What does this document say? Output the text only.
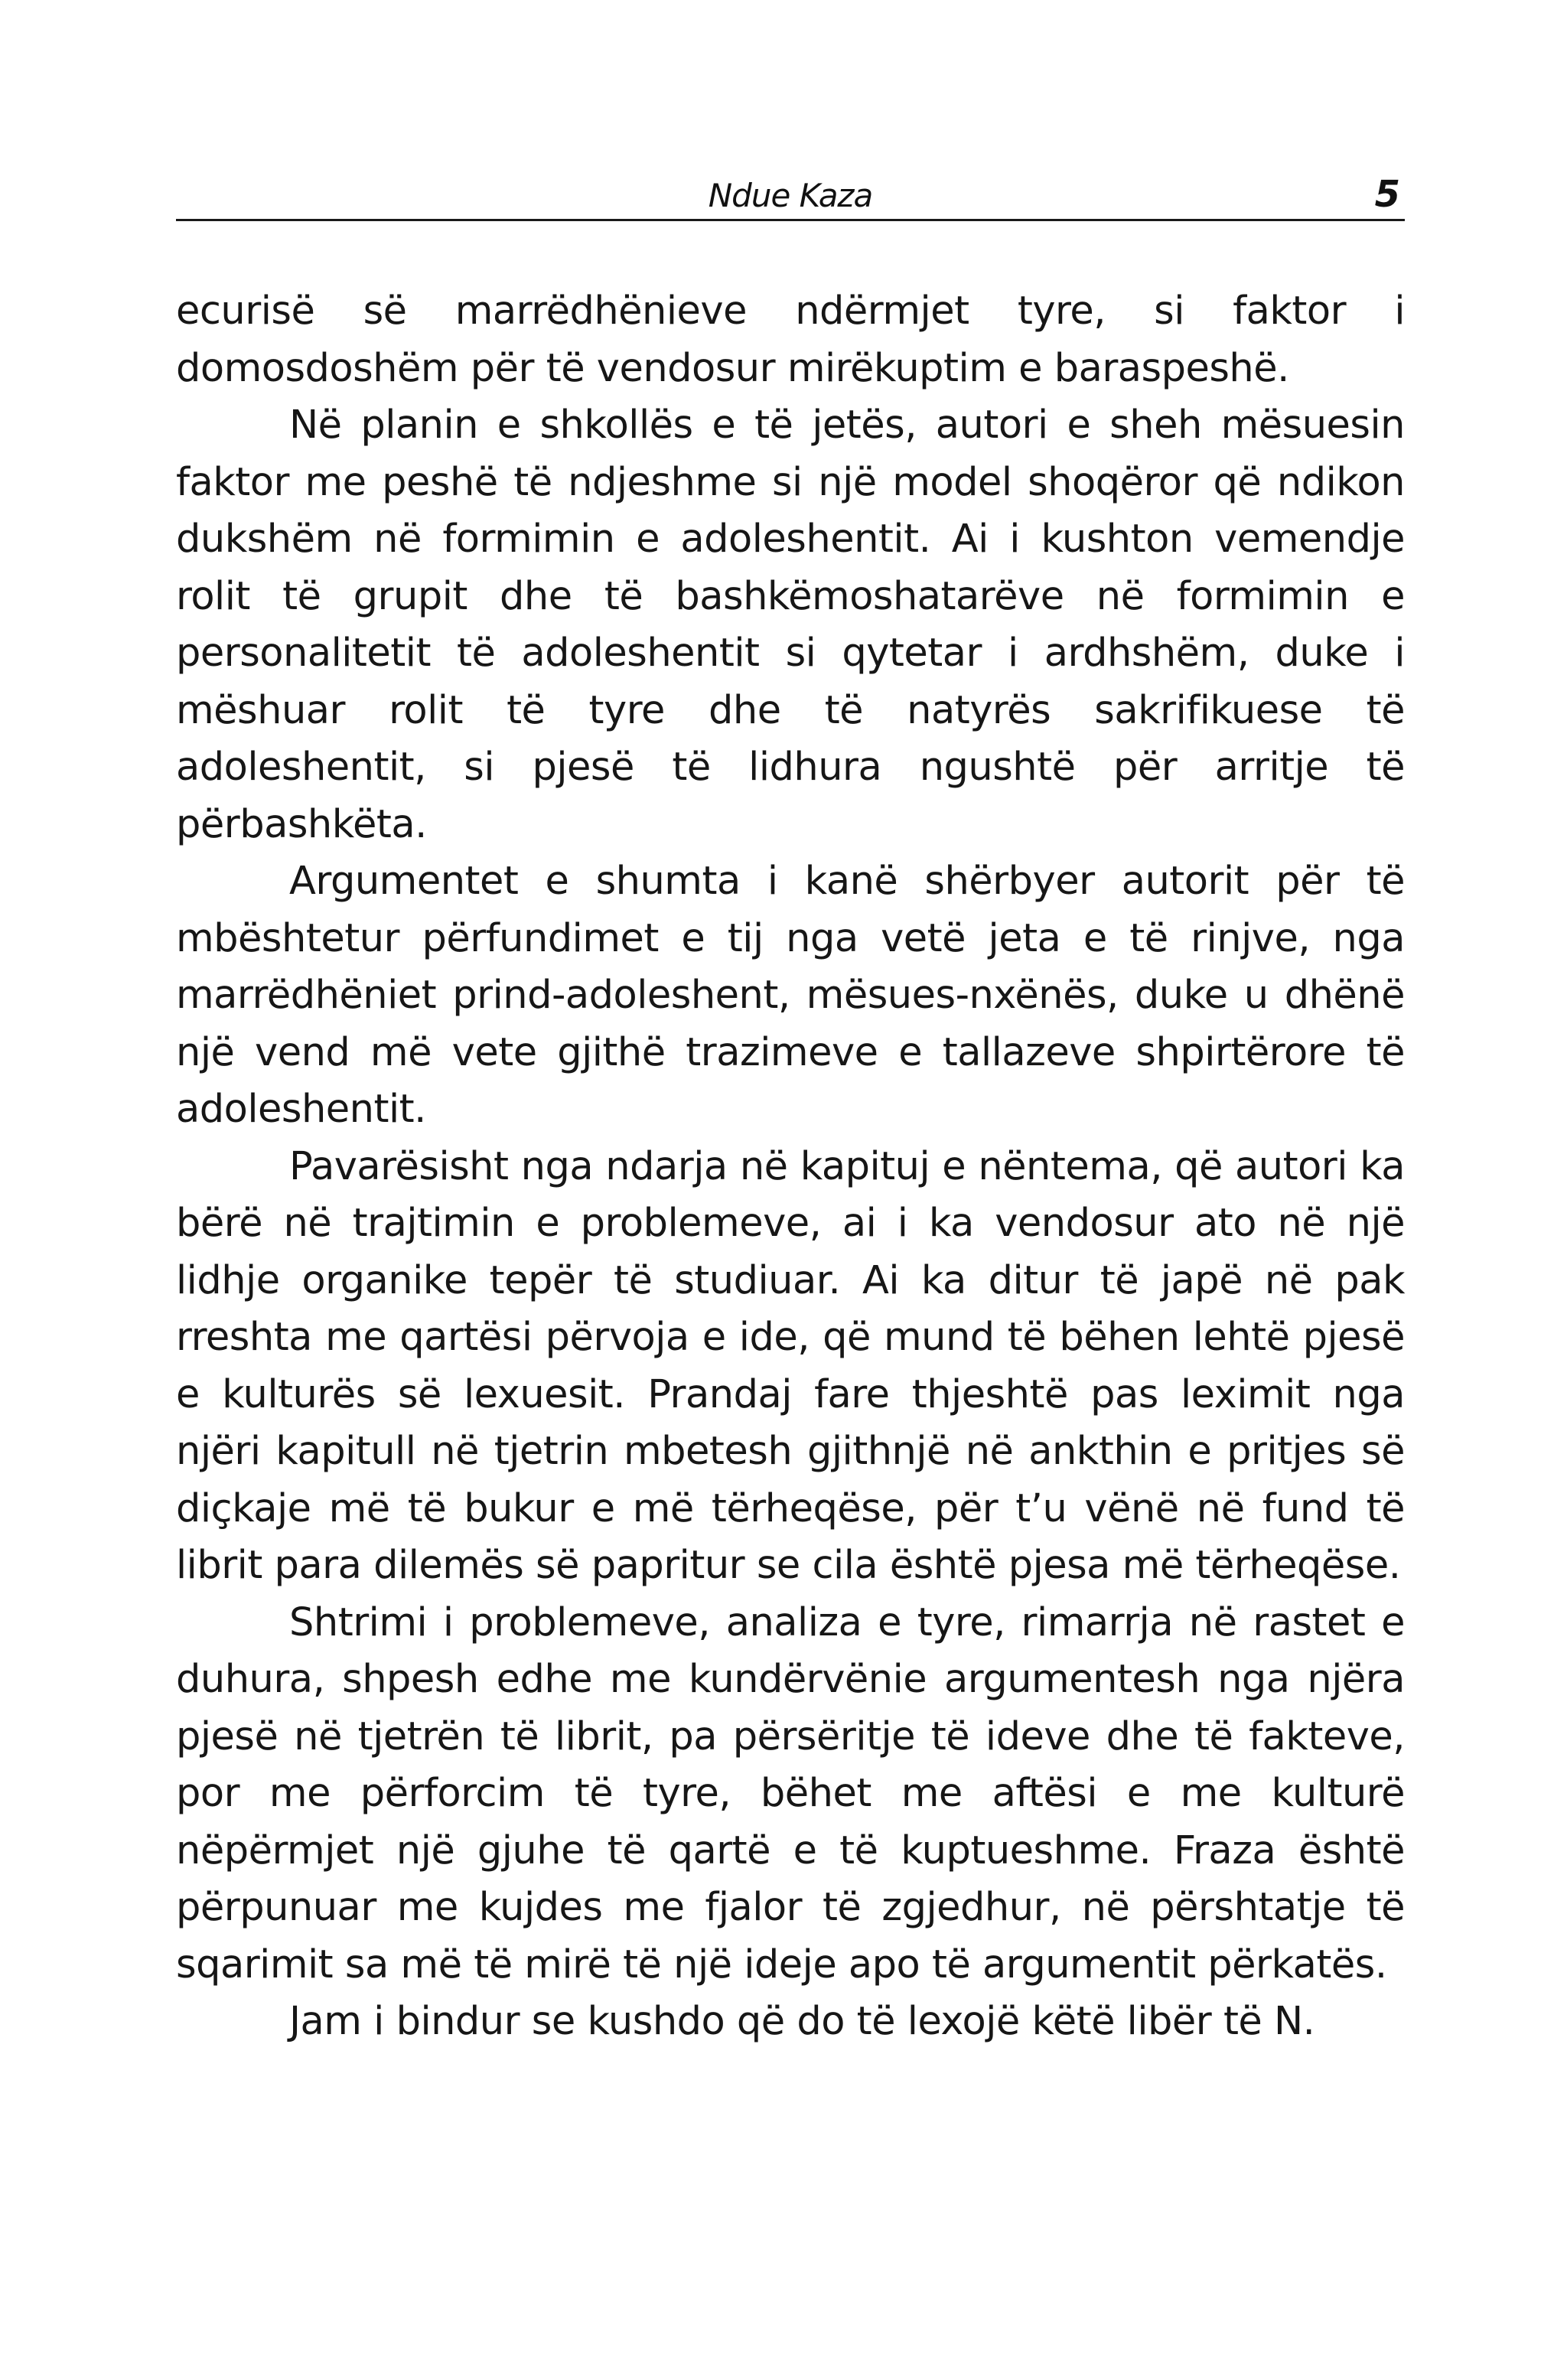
Ndue Kaza	5

ecurisë së marrëdhënieve ndërmjet tyre, si faktor i domosdoshëm për të vendosur mirëkuptim e baraspeshë.

Në planin e shkollës e të jetës, autori e sheh mësuesin faktor me peshë të ndjeshme si një model shoqëror që ndikon dukshëm në formimin e adoleshentit. Ai i kushton vemendje rolit të grupit dhe të bashkëmoshatarëve në formimin e personalitetit të adoleshentit si qytetar i ardhshëm, duke i mëshuar rolit të tyre dhe të natyrës sakrifikuese të adoleshentit, si pjesë të lidhura ngushtë për arritje të përbashkëta.

Argumentet e shumta i kanë shërbyer autorit për të mbështetur përfundimet e tij nga vetë jeta e të rinjve, nga marrëdhëniet prind-adoleshent, mësues-nxënës, duke u dhënë një vend më vete gjithë trazimeve e tallazeve shpirtërore të adoleshentit.

Pavarësisht nga ndarja në kapituj e nëntema, që autori ka bërë në trajtimin e problemeve, ai i ka vendosur ato në një lidhje organike tepër të studiuar. Ai ka ditur të japë në pak rreshta me qartësi përvoja e ide, që mund të bëhen lehtë pjesë e kulturës së lexuesit. Prandaj fare thjeshtë pas leximit nga njëri kapitull në tjetrin mbetesh gjithnjë në ankthin e pritjes së diçkaje më të bukur e më tërheqëse, për t’u vënë në fund të librit para dilemës së papritur se cila është pjesa më tërheqëse.

Shtrimi i problemeve, analiza e tyre, rimarrja në rastet e duhura, shpesh edhe me kundërvënie argumentesh nga njëra pjesë në tjetrën të librit, pa përsëritje të ideve dhe të fakteve, por me përforcim të tyre, bëhet me aftësi e me kulturë nëpërmjet një gjuhe të qartë e të kuptueshme. Fraza është përpunuar me kujdes me fjalor të zgjedhur, në përshtatje të sqarimit sa më të mirë të një ideje apo të argumentit përkatës.

Jam i bindur se kushdo që do të lexojë këtë libër të N.
